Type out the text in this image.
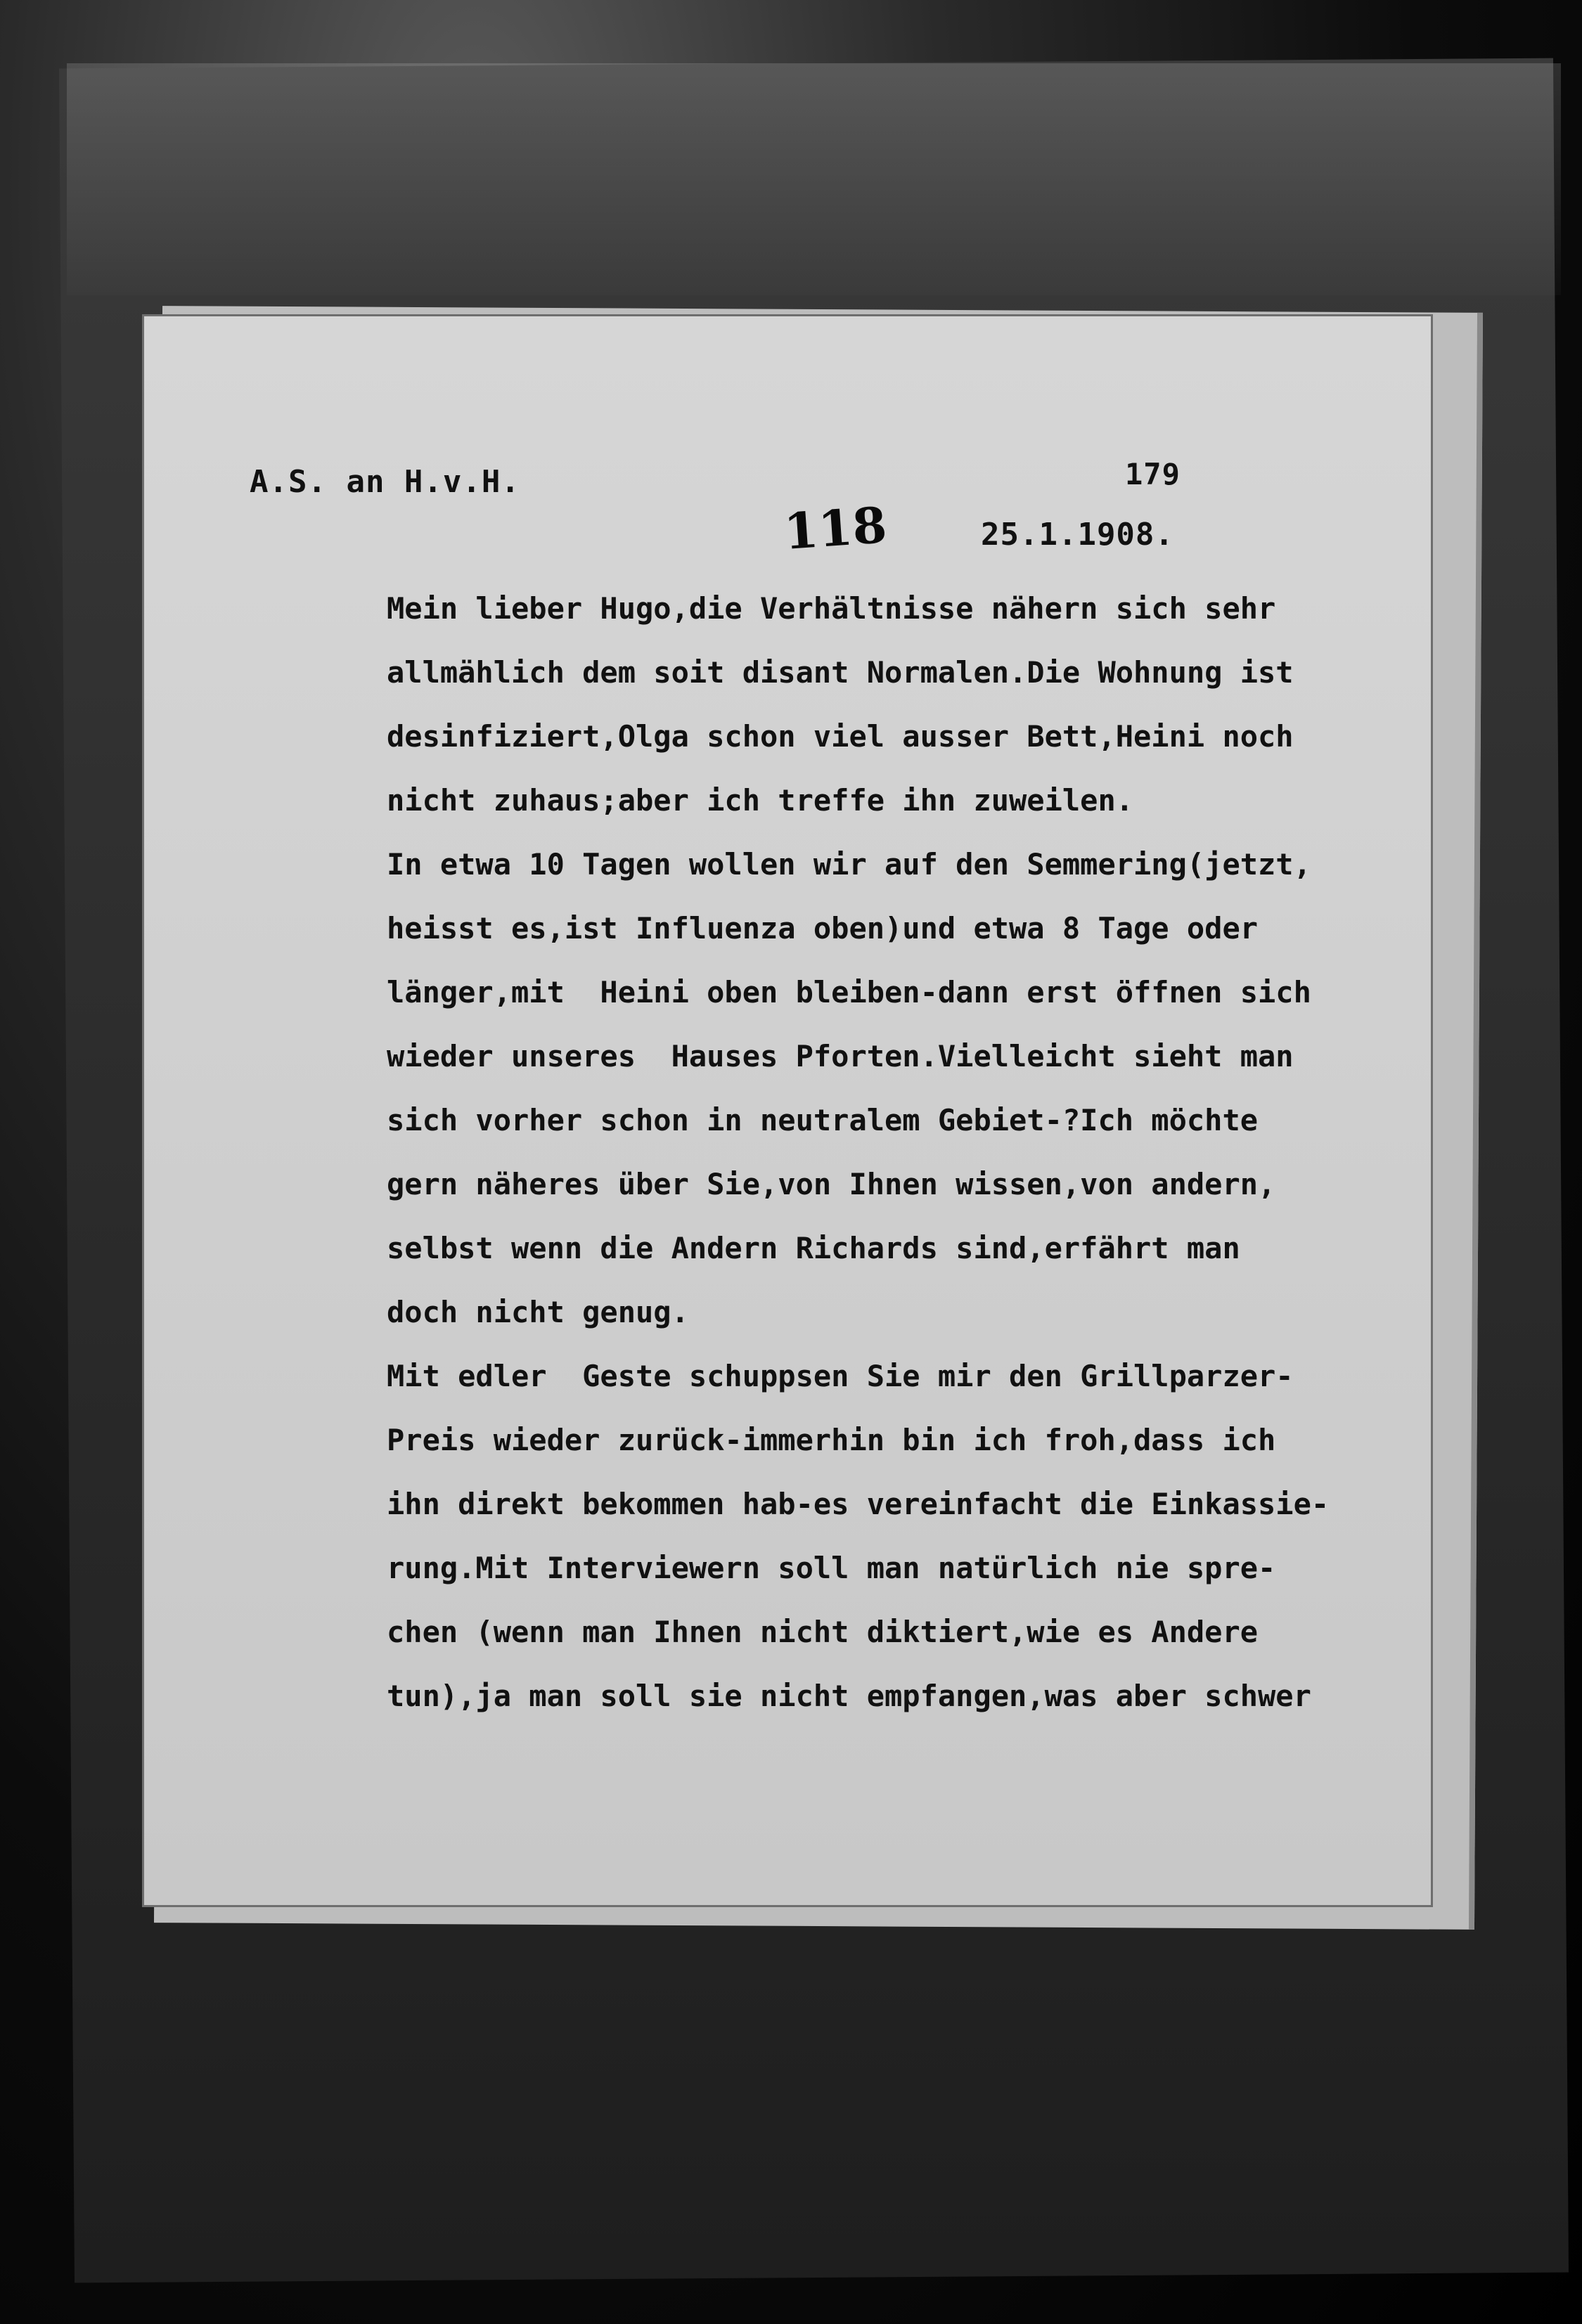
A.S. an H.v.H.	179
118	25.1.1908.
Mein lieber Hugo,die Verhältnisse nähern sich sehr
allmählich dem soit disant Normalen.Die Wohnung ist
desinfiziert,Olga schon viel ausser Bett,Heini noch
nicht zuhaus;aber ich treffe ihn zuweilen.
In etwa 10 Tagen wollen wir auf den Semmering(jetzt,
heisst es,ist Influenza oben)und etwa 8 Tage oder
länger,mit  Heini oben bleiben-dann erst öffnen sich
wieder unseres  Hauses Pforten.Vielleicht sieht man
sich vorher schon in neutralem Gebiet-?Ich möchte
gern näheres über Sie,von Ihnen wissen,von andern,
selbst wenn die Andern Richards sind,erfährt man
doch nicht genug.
Mit edler  Geste schuppsen Sie mir den Grillparzer-
Preis wieder zurück-immerhin bin ich froh,dass ich
ihn direkt bekommen hab-es vereinfacht die Einkassie-
rung.Mit Interviewern soll man natürlich nie spre-
chen (wenn man Ihnen nicht diktiert,wie es Andere
tun),ja man soll sie nicht empfangen,was aber schwer
